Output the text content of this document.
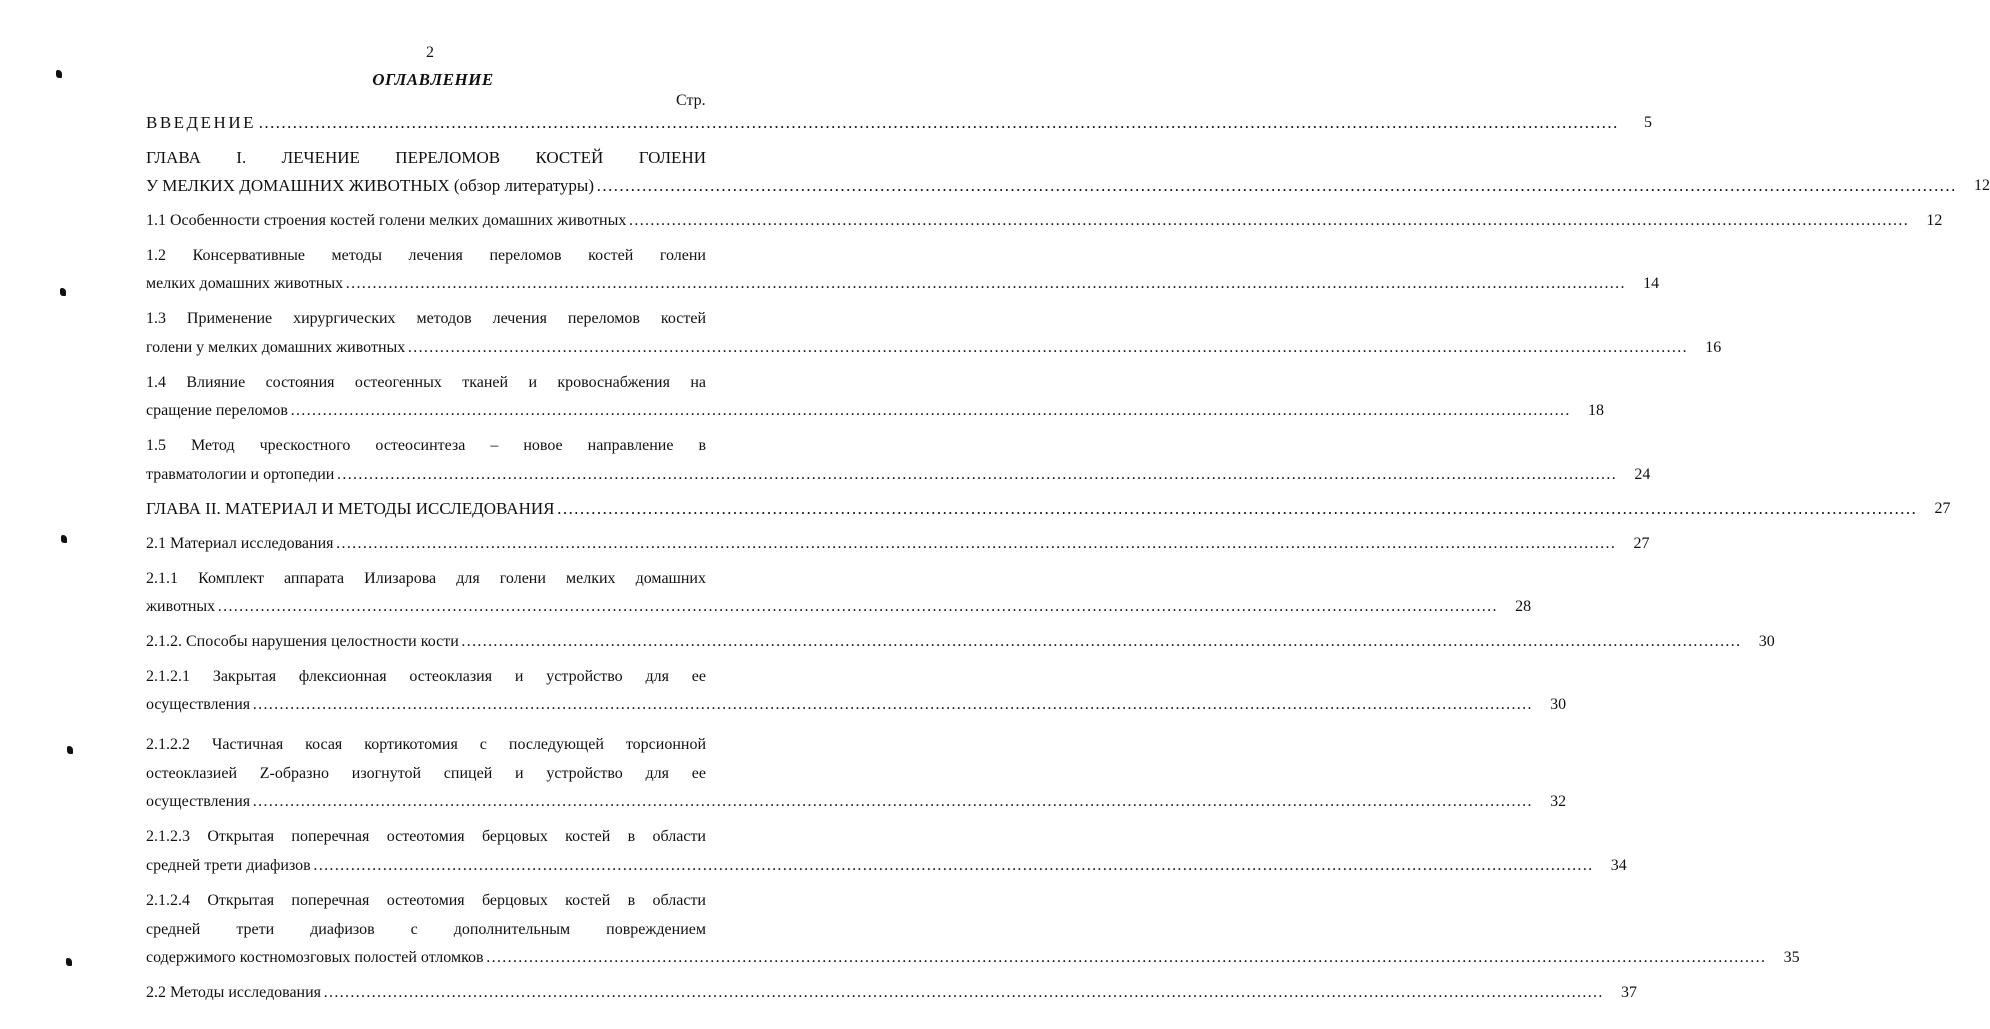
2
ОГЛАВЛЕНИЕ
Стр.
ВВЕДЕНИЕ ……………………………………………………………………………………………………………………………………………………………………………………………………………………	5
ГЛАВА I. ЛЕЧЕНИЕ ПЕРЕЛОМОВ КОСТЕЙ ГОЛЕНИ
У МЕЛКИХ ДОМАШНИХ ЖИВОТНЫХ (обзор литературы) ……………………………………………………………………………………………………………………………………………………………………………………………………………………	12
1.1 Особенности строения костей голени мелких домашних животных ……………………………………………………………………………………………………………………………………………………………………………………………………………………	12
1.2 Консервативные методы лечения переломов костей голени
мелких домашних животных ……………………………………………………………………………………………………………………………………………………………………………………………………………………	14
1.3 Применение хирургических методов лечения переломов костей
голени у мелких домашних животных ……………………………………………………………………………………………………………………………………………………………………………………………………………………	16
1.4 Влияние состояния остеогенных тканей и кровоснабжения на
сращение переломов ……………………………………………………………………………………………………………………………………………………………………………………………………………………	18
1.5 Метод чрескостного остеосинтеза – новое направление в
травматологии и ортопедии ……………………………………………………………………………………………………………………………………………………………………………………………………………………	24
ГЛАВА II. МАТЕРИАЛ И МЕТОДЫ ИССЛЕДОВАНИЯ ……………………………………………………………………………………………………………………………………………………………………………………………………………………	27
2.1 Материал исследования ……………………………………………………………………………………………………………………………………………………………………………………………………………………	27
2.1.1 Комплект аппарата Илизарова для голени мелких домашних
животных ……………………………………………………………………………………………………………………………………………………………………………………………………………………	28
2.1.2. Способы нарушения целостности кости ……………………………………………………………………………………………………………………………………………………………………………………………………………………	30
2.1.2.1 Закрытая флексионная остеоклазия и устройство для ее
осуществления ……………………………………………………………………………………………………………………………………………………………………………………………………………………	30
2.1.2.2 Частичная косая кортикотомия с последующей торсионной
остеоклазией Z-образно изогнутой спицей и устройство для ее
осуществления ……………………………………………………………………………………………………………………………………………………………………………………………………………………	32
2.1.2.3 Открытая поперечная остеотомия берцовых костей в области
средней трети диафизов ……………………………………………………………………………………………………………………………………………………………………………………………………………………	34
2.1.2.4 Открытая поперечная остеотомия берцовых костей в области
средней трети диафизов с дополнительным повреждением
содержимого костномозговых полостей отломков ……………………………………………………………………………………………………………………………………………………………………………………………………………………	35
2.2 Методы исследования ……………………………………………………………………………………………………………………………………………………………………………………………………………………	37
